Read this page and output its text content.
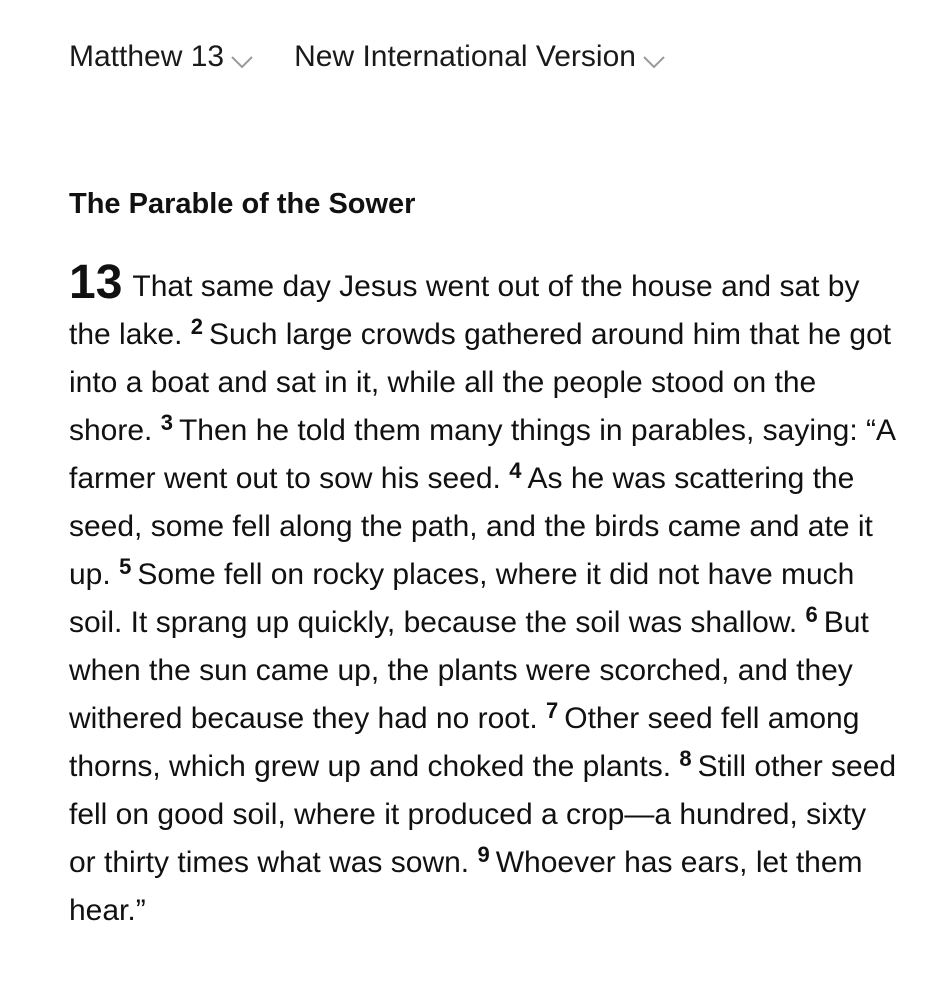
Matthew 13 New International Version
The Parable of the Sower
13 That same day Jesus went out of the house and sat by the lake. $^2$ Such large crowds gathered around him that he got into a boat and sat in it, while all the people stood on the shore. $^3$ Then he told them many things in parables, saying: “A farmer went out to sow his seed. $^4$ As he was scattering the seed, some fell along the path, and the birds came and ate it up. $^5$ Some fell on rocky places, where it did not have much soil. It sprang up quickly, because the soil was shallow. $^6$ But when the sun came up, the plants were scorched, and they withered because they had no root. $^7$ Other seed fell among thorns, which grew up and choked the plants. $^8$ Still other seed fell on good soil, where it produced a crop—a hundred, sixty or thirty times what was sown. $^9$ Whoever has ears, let them hear.”
